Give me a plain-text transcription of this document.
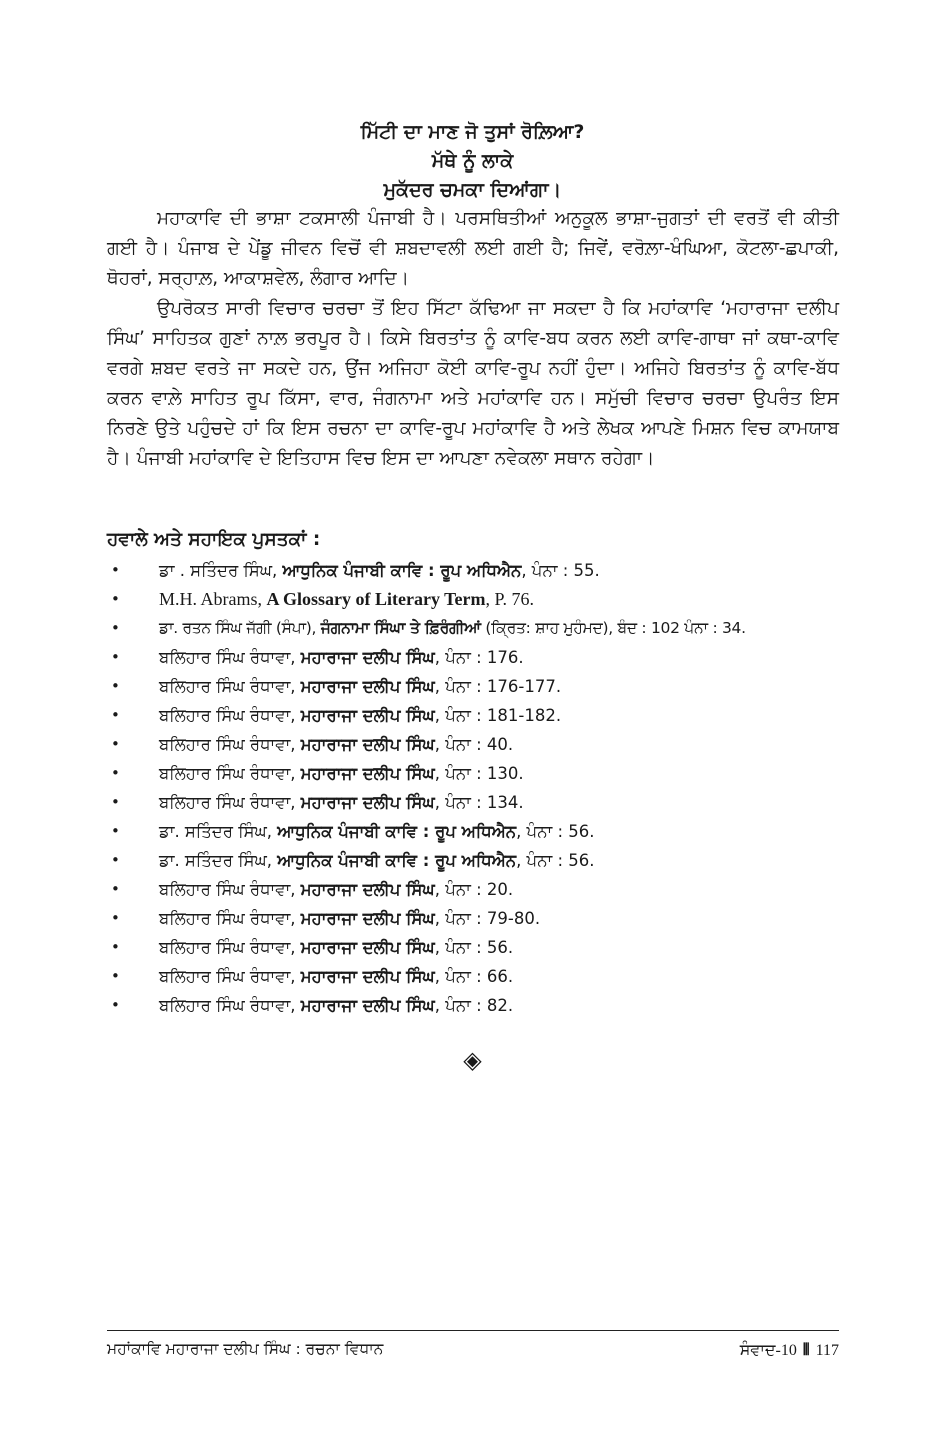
ਮਿੱਟੀ ਦਾ ਮਾਣ ਜੋ ਤੁਸਾਂ ਰੋਲ਼ਿਆ?
ਮੱਥੇ ਨੂੰ ਲਾਕੇ
ਮੁਕੱਦਰ ਚਮਕਾ ਦਿਆਂਗਾ।

ਮਹਾਕਾਵਿ ਦੀ ਭਾਸ਼ਾ ਟਕਸਾਲੀ ਪੰਜਾਬੀ ਹੈ। ਪਰਸਥਿਤੀਆਂ ਅਨੁਕੂਲ ਭਾਸ਼ਾ-ਜੁਗਤਾਂ ਦੀ ਵਰਤੋਂ ਵੀ ਕੀਤੀ ਗਈ ਹੈ। ਪੰਜਾਬ ਦੇ ਪੇਂਡੂ ਜੀਵਨ ਵਿਚੋਂ ਵੀ ਸ਼ਬਦਾਵਲੀ ਲਈ ਗਈ ਹੈ; ਜਿਵੇਂ, ਵਰੋਲ਼ਾ-ਖੰਘਿਆ, ਕੋਟਲਾ-ਛਪਾਕੀ, ਥੋਹਰਾਂ, ਸਰ੍ਹਾਲ਼, ਆਕਾਸ਼ਵੇਲ, ਲੰਗਾਰ ਆਦਿ।

ਉਪਰੋਕਤ ਸਾਰੀ ਵਿਚਾਰ ਚਰਚਾ ਤੋਂ ਇਹ ਸਿੱਟਾ ਕੱਢਿਆ ਜਾ ਸਕਦਾ ਹੈ ਕਿ ਮਹਾਂਕਾਵਿ ‘ਮਹਾਰਾਜਾ ਦਲੀਪ ਸਿੰਘ’ ਸਾਹਿਤਕ ਗੁਣਾਂ ਨਾਲ਼ ਭਰਪੂਰ ਹੈ। ਕਿਸੇ ਬਿਰਤਾਂਤ ਨੂੰ ਕਾਵਿ-ਬਧ ਕਰਨ ਲਈ ਕਾਵਿ-ਗਾਥਾ ਜਾਂ ਕਥਾ-ਕਾਵਿ ਵਰਗੇ ਸ਼ਬਦ ਵਰਤੇ ਜਾ ਸਕਦੇ ਹਨ, ਉਂਜ ਅਜਿਹਾ ਕੋਈ ਕਾਵਿ-ਰੂਪ ਨਹੀਂ ਹੁੰਦਾ। ਅਜਿਹੇ ਬਿਰਤਾਂਤ ਨੂੰ ਕਾਵਿ-ਬੱਧ ਕਰਨ ਵਾਲ਼ੇ ਸਾਹਿਤ ਰੂਪ ਕਿੱਸਾ, ਵਾਰ, ਜੰਗਨਾਮਾ ਅਤੇ ਮਹਾਂਕਾਵਿ ਹਨ। ਸਮੁੱਚੀ ਵਿਚਾਰ ਚਰਚਾ ਉਪਰੰਤ ਇਸ ਨਿਰਣੇ ਉਤੇ ਪਹੁੰਚਦੇ ਹਾਂ ਕਿ ਇਸ ਰਚਨਾ ਦਾ ਕਾਵਿ-ਰੂਪ ਮਹਾਂਕਾਵਿ ਹੈ ਅਤੇ ਲੇਖਕ ਆਪਣੇ ਮਿਸ਼ਨ ਵਿਚ ਕਾਮਯਾਬ ਹੈ। ਪੰਜਾਬੀ ਮਹਾਂਕਾਵਿ ਦੇ ਇਤਿਹਾਸ ਵਿਚ ਇਸ ਦਾ ਆਪਣਾ ਨਵੇਕਲਾ ਸਥਾਨ ਰਹੇਗਾ।

ਹਵਾਲੇ ਅਤੇ ਸਹਾਇਕ ਪੁਸਤਕਾਂ :
• ਡਾ . ਸਤਿੰਦਰ ਸਿੰਘ, ਆਧੁਨਿਕ ਪੰਜਾਬੀ ਕਾਵਿ : ਰੂਪ ਅਧਿਐਨ, ਪੰਨਾ : 55.
• M.H. Abrams, A Glossary of Literary Term, P. 76.
•	ਡਾ. ਰਤਨ ਸਿੰਘ ਜੱਗੀ (ਸੰਪਾ), ਜੰਗਨਾਮਾ ਸਿੰਘਾ ਤੇ ਫ਼ਿਰੰਗੀਆਂ (ਕ੍ਰਿਤ: ਸ਼ਾਹ ਮੁਹੰਮਦ), ਬੰਦ : 102 ਪੰਨਾ : 34.
• ਬਲਿਹਾਰ ਸਿੰਘ ਰੰਧਾਵਾ, ਮਹਾਰਾਜਾ ਦਲੀਪ ਸਿੰਘ, ਪੰਨਾ : 176.
• ਬਲਿਹਾਰ ਸਿੰਘ ਰੰਧਾਵਾ, ਮਹਾਰਾਜਾ ਦਲੀਪ ਸਿੰਘ, ਪੰਨਾ : 176-177.
• ਬਲਿਹਾਰ ਸਿੰਘ ਰੰਧਾਵਾ, ਮਹਾਰਾਜਾ ਦਲੀਪ ਸਿੰਘ, ਪੰਨਾ : 181-182.
• ਬਲਿਹਾਰ ਸਿੰਘ ਰੰਧਾਵਾ, ਮਹਾਰਾਜਾ ਦਲੀਪ ਸਿੰਘ, ਪੰਨਾ : 40.
• ਬਲਿਹਾਰ ਸਿੰਘ ਰੰਧਾਵਾ, ਮਹਾਰਾਜਾ ਦਲੀਪ ਸਿੰਘ, ਪੰਨਾ : 130.
• ਬਲਿਹਾਰ ਸਿੰਘ ਰੰਧਾਵਾ, ਮਹਾਰਾਜਾ ਦਲੀਪ ਸਿੰਘ, ਪੰਨਾ : 134.
• ਡਾ. ਸਤਿੰਦਰ ਸਿੰਘ, ਆਧੁਨਿਕ ਪੰਜਾਬੀ ਕਾਵਿ : ਰੂਪ ਅਧਿਐਨ, ਪੰਨਾ : 56.
• ਡਾ. ਸਤਿੰਦਰ ਸਿੰਘ, ਆਧੁਨਿਕ ਪੰਜਾਬੀ ਕਾਵਿ : ਰੂਪ ਅਧਿਐਨ, ਪੰਨਾ : 56.
• ਬਲਿਹਾਰ ਸਿੰਘ ਰੰਧਾਵਾ, ਮਹਾਰਾਜਾ ਦਲੀਪ ਸਿੰਘ, ਪੰਨਾ : 20.
• ਬਲਿਹਾਰ ਸਿੰਘ ਰੰਧਾਵਾ, ਮਹਾਰਾਜਾ ਦਲੀਪ ਸਿੰਘ, ਪੰਨਾ : 79-80.
• ਬਲਿਹਾਰ ਸਿੰਘ ਰੰਧਾਵਾ, ਮਹਾਰਾਜਾ ਦਲੀਪ ਸਿੰਘ, ਪੰਨਾ : 56.
• ਬਲਿਹਾਰ ਸਿੰਘ ਰੰਧਾਵਾ, ਮਹਾਰਾਜਾ ਦਲੀਪ ਸਿੰਘ, ਪੰਨਾ : 66.
• ਬਲਿਹਾਰ ਸਿੰਘ ਰੰਧਾਵਾ, ਮਹਾਰਾਜਾ ਦਲੀਪ ਸਿੰਘ, ਪੰਨਾ : 82.
◈
ਮਹਾਂਕਾਵਿ ਮਹਾਰਾਜਾ ਦਲੀਪ ਸਿੰਘ : ਰਚਨਾ ਵਿਧਾਨ	ਸੰਵਾਦ-10 ⫴ 117
